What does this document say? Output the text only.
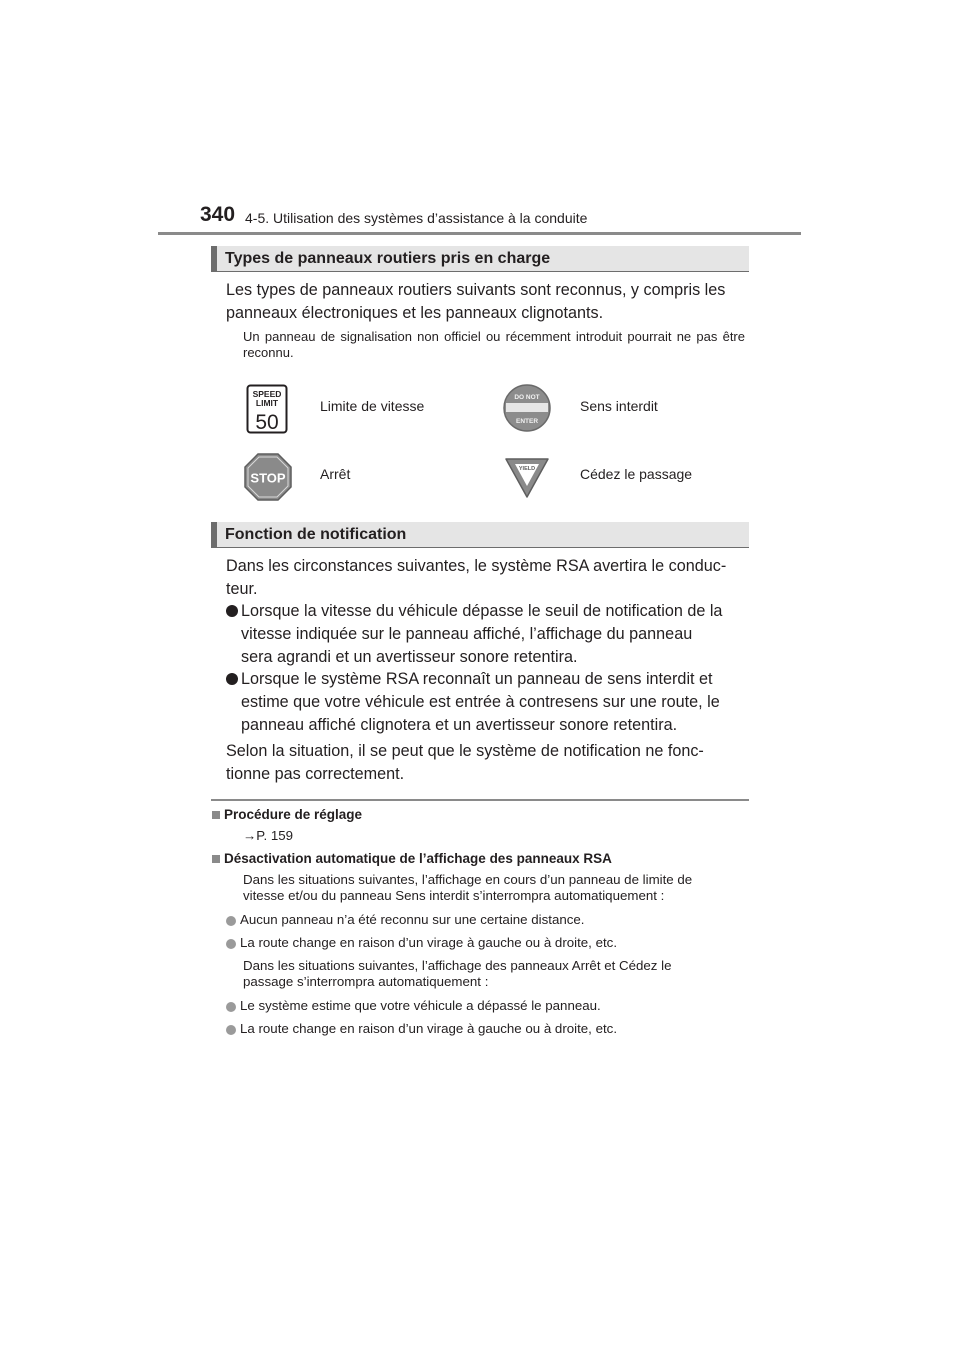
340 4-5. Utilisation des systèmes d’assistance à la conduite
Types de panneaux routiers pris en charge
Les types de panneaux routiers suivants sont reconnus, y compris les
panneaux électroniques et les panneaux clignotants.
Un panneau de signalisation non officiel ou récemment introduit pourrait ne pas être reconnu.
SPEED
LIMIT
50
Limite de vitesse
DO NOT
ENTER
Sens interdit
STOP Arrêt	YIELD	Cédez le passage
Fonction de notification
Dans les circonstances suivantes, le système RSA avertira le conduc-
teur.
Lorsque la vitesse du véhicule dépasse le seuil de notification de la
vitesse indiquée sur le panneau affiché, l’affichage du panneau
sera agrandi et un avertisseur sonore retentira.
Lorsque le système RSA reconnaît un panneau de sens interdit et
estime que votre véhicule est entrée à contresens sur une route, le
panneau affiché clignotera et un avertisseur sonore retentira.
Selon la situation, il se peut que le système de notification ne fonc-
tionne pas correctement.
Procédure de réglage
→P. 159
Désactivation automatique de l’affichage des panneaux RSA
Dans les situations suivantes, l’affichage en cours d’un panneau de limite de
vitesse et/ou du panneau Sens interdit s’interrompra automatiquement :
Aucun panneau n’a été reconnu sur une certaine distance.
La route change en raison d’un virage à gauche ou à droite, etc.
Dans les situations suivantes, l’affichage des panneaux Arrêt et Cédez le
passage s’interrompra automatiquement :
Le système estime que votre véhicule a dépassé le panneau.
La route change en raison d’un virage à gauche ou à droite, etc.
